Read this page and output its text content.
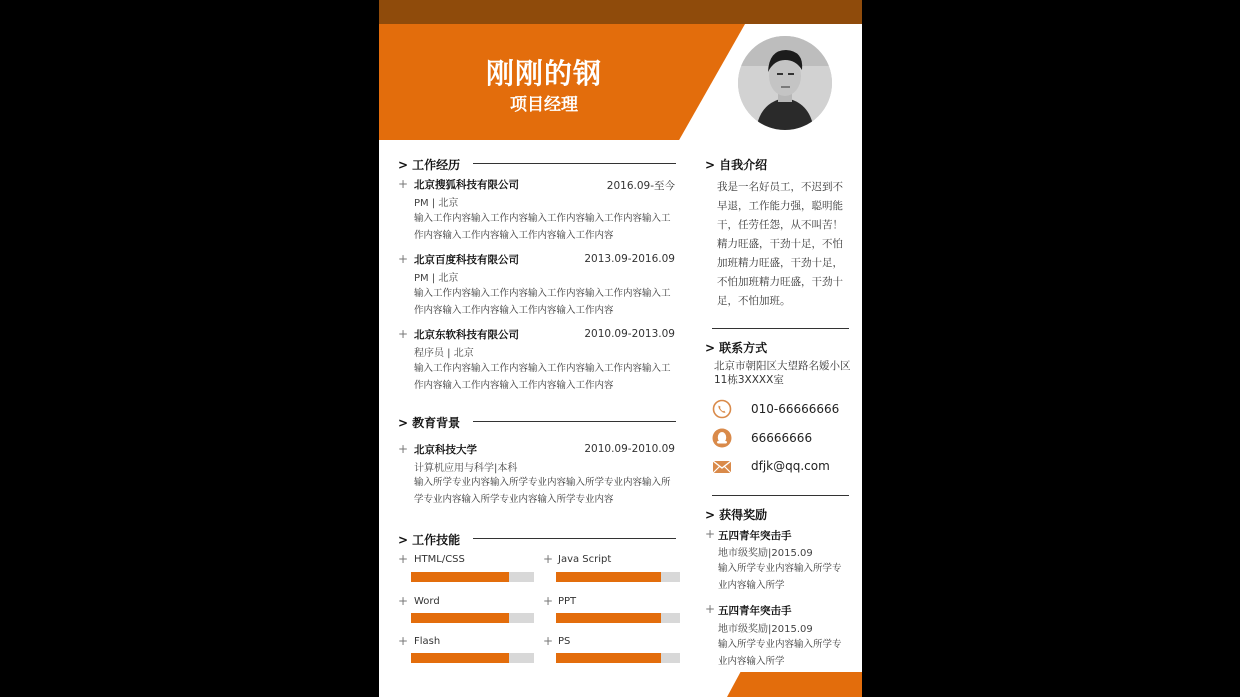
刚刚的钢
项目经理
> 工作经历
+ 北京搜狐科技有限公司	2016.09-至今
PM | 北京
输入工作内容输入工作内容输入工作内容输入工作内容输入工作内容输入工作内容输入工作内容输入工作内容
+ 北京百度科技有限公司	2013.09-2016.09
PM | 北京
输入工作内容输入工作内容输入工作内容输入工作内容输入工作内容输入工作内容输入工作内容输入工作内容
+ 北京东软科技有限公司	2010.09-2013.09
程序员 | 北京
输入工作内容输入工作内容输入工作内容输入工作内容输入工作内容输入工作内容输入工作内容输入工作内容
> 教育背景
+ 北京科技大学	2010.09-2010.09
计算机应用与科学|本科
输入所学专业内容输入所学专业内容输入所学专业内容输入所学专业内容输入所学专业内容输入所学专业内容
> 工作技能
+ HTML/CSS	+ Java Script
+ Word	+ PPT
+ Flash	+ PS
> 自我介绍
我是一名好员工，不迟到不早退，工作能力强，聪明能干，任劳任怨，从不叫苦！精力旺盛，干劲十足，不怕加班精力旺盛，干劲十足，不怕加班精力旺盛，干劲十足，不怕加班。
> 联系方式
北京市朝阳区大望路名嫒小区11栋3XXXX室
010-66666666
66666666
dfjk@qq.com
> 获得奖励
+ 五四青年突击手
地市级奖励|2015.09
输入所学专业内容输入所学专业内容输入所学
+ 五四青年突击手
地市级奖励|2015.09
输入所学专业内容输入所学专业内容输入所学
